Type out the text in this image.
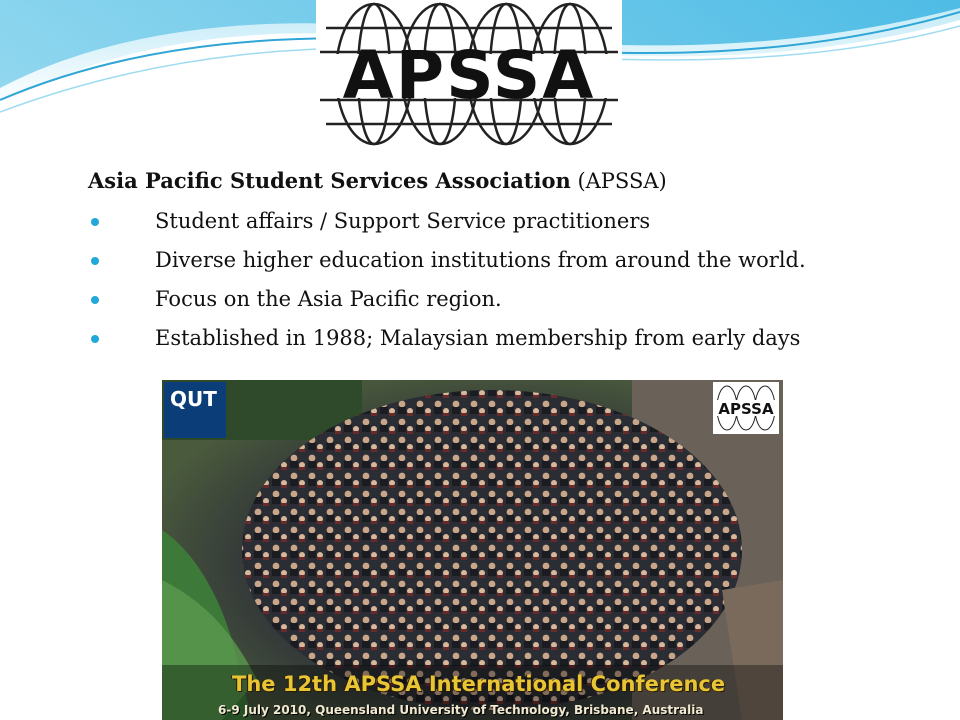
APSSA

Asia Pacific Student Services Association (APSSA)

Student affairs / Support Service practitioners
Diverse higher education institutions from around the world.
Focus on the Asia Pacific region.
Established in 1988; Malaysian membership from early days
QUT	APSSA
The 12th APSSA International Conference
6-9 July 2010, Queensland University of Technology, Brisbane, Australia
